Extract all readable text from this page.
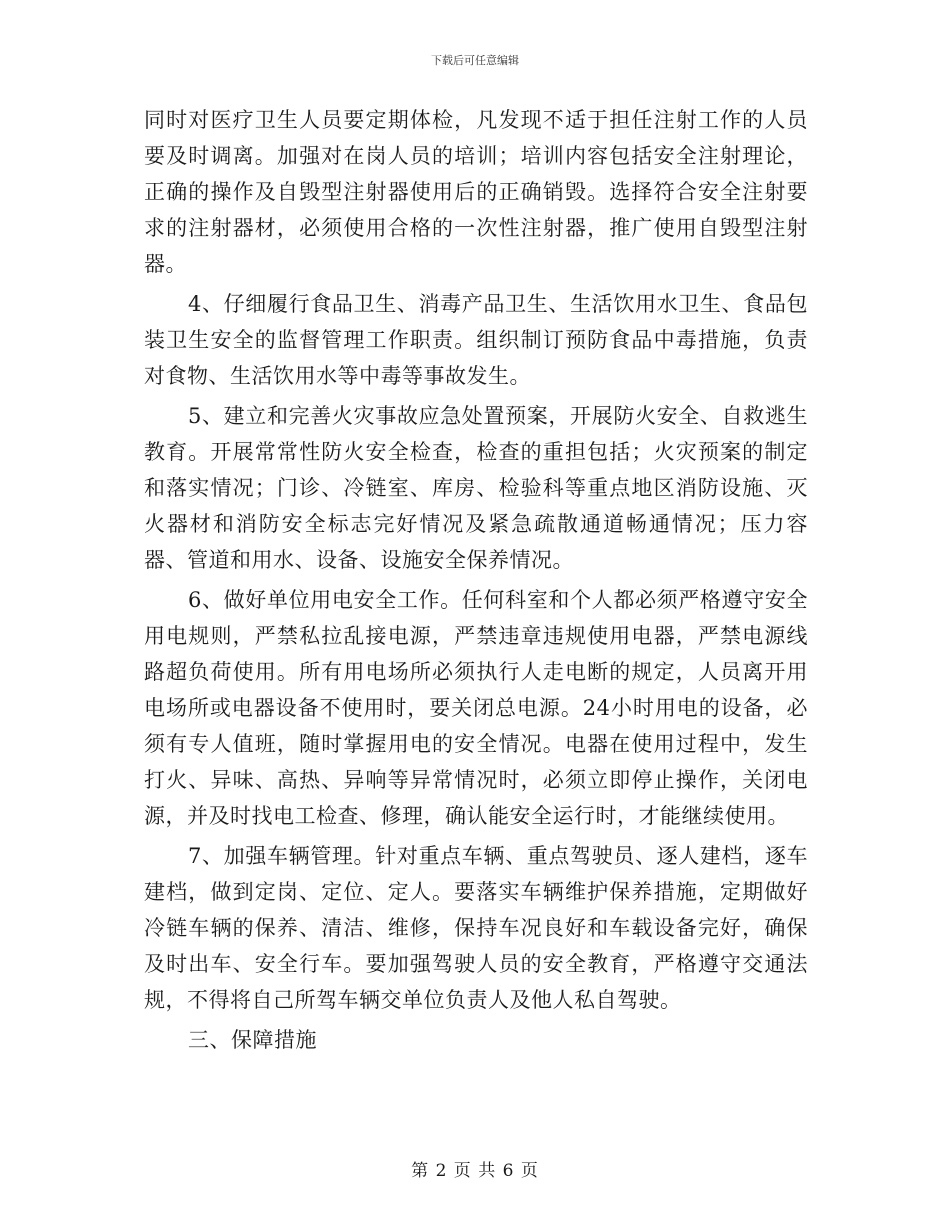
下载后可任意编辑

同时对医疗卫生人员要定期体检，凡发现不适于担任注射工作的人员要及时调离。加强对在岗人员的培训；培训内容包括安全注射理论，正确的操作及自毁型注射器使用后的正确销毁。选择符合安全注射要求的注射器材，必须使用合格的一次性注射器，推广使用自毁型注射器。

4、仔细履行食品卫生、消毒产品卫生、生活饮用水卫生、食品包装卫生安全的监督管理工作职责。组织制订预防食品中毒措施，负责对食物、生活饮用水等中毒等事故发生。

5、建立和完善火灾事故应急处置预案，开展防火安全、自救逃生教育。开展常常性防火安全检查，检查的重担包括；火灾预案的制定和落实情况；门诊、冷链室、库房、检验科等重点地区消防设施、灭火器材和消防安全标志完好情况及紧急疏散通道畅通情况；压力容器、管道和用水、设备、设施安全保养情况。

6、做好单位用电安全工作。任何科室和个人都必须严格遵守安全用电规则，严禁私拉乱接电源，严禁违章违规使用电器，严禁电源线路超负荷使用。所有用电场所必须执行人走电断的规定，人员离开用电场所或电器设备不使用时，要关闭总电源。24小时用电的设备，必须有专人值班，随时掌握用电的安全情况。电器在使用过程中，发生打火、异味、高热、异响等异常情况时，必须立即停止操作，关闭电源，并及时找电工检查、修理，确认能安全运行时，才能继续使用。

7、加强车辆管理。针对重点车辆、重点驾驶员、逐人建档，逐车建档，做到定岗、定位、定人。要落实车辆维护保养措施，定期做好冷链车辆的保养、清洁、维修，保持车况良好和车载设备完好，确保及时出车、安全行车。要加强驾驶人员的安全教育，严格遵守交通法规，不得将自己所驾车辆交单位负责人及他人私自驾驶。

三、保障措施

第 2 页 共 6 页
